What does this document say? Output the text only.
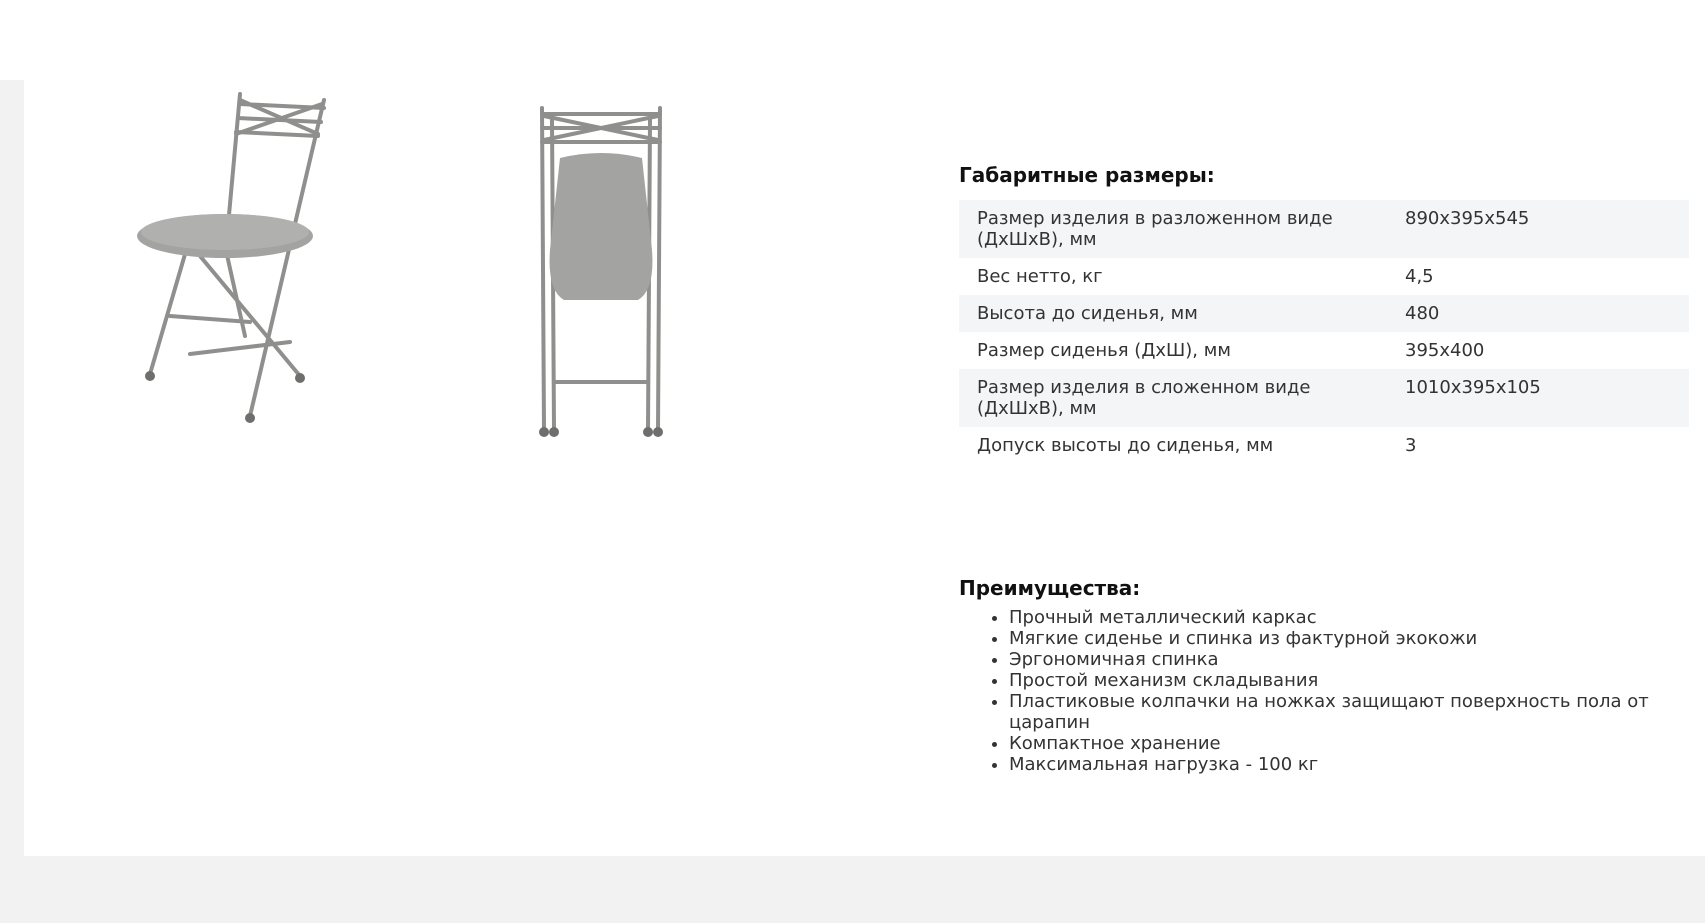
Габаритные размеры:
Размер изделия в разложенном виде (ДхШхВ), мм	890х395х545
Вес нетто, кг	4,5
Высота до сиденья, мм	480
Размер сиденья (ДхШ), мм	395х400
Размер изделия в сложенном виде (ДхШхВ), мм	1010х395х105
Допуск высоты до сиденья, мм	3
Преимущества:
• Прочный металлический каркас
• Мягкие сиденье и спинка из фактурной экокожи
• Эргономичная спинка
• Простой механизм складывания
• Пластиковые колпачки на ножках защищают поверхность пола от царапин
• Компактное хранение
• Максимальная нагрузка - 100 кг
